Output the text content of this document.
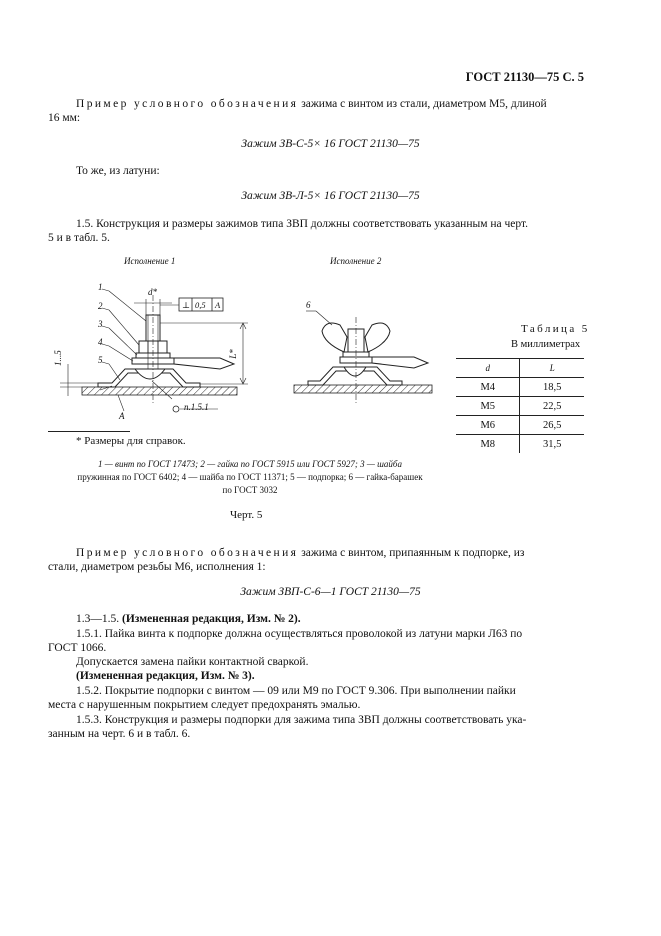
ГОСТ 21130—75 С. 5
Пример условного обозначения зажима с винтом из стали, диаметром М5, длиной
16 мм:
Зажим ЗВ-С-5× 16 ГОСТ 21130—75
То же, из латуни:
Зажим ЗВ-Л-5× 16 ГОСТ 21130—75
1.5. Конструкция и размеры зажимов типа ЗВП должны соответствовать указанным на черт.
5 и в табл. 5.
Исполнение 1	Исполнение 2
1
2
3
4
5
6
d*
L*
1...5
⊥ 0,5 А
А
п.1.5.1
* Размеры для справок.
1 — винт по ГОСТ 17473; 2 — гайка по ГОСТ 5915 или ГОСТ 5927; 3 — шайба
пружинная по ГОСТ 6402; 4 — шайба по ГОСТ 11371; 5 — подпорка; 6 — гайка-барашек
по ГОСТ 3032
Черт. 5
Таблица 5
В миллиметрах
d	L
М4	18,5
М5	22,5
М6	26,5
М8	31,5
Пример условного обозначения зажима с винтом, припаянным к подпорке, из
стали, диаметром резьбы М6, исполнения 1:
Зажим ЗВП-С-6—1 ГОСТ 21130—75
1.3—1.5. (Измененная редакция, Изм. № 2).
1.5.1. Пайка винта к подпорке должна осуществляться проволокой из латуни марки Л63 по
ГОСТ 1066.
Допускается замена пайки контактной сваркой.
(Измененная редакция, Изм. № 3).
1.5.2. Покрытие подпорки с винтом — 09 или М9 по ГОСТ 9.306. При выполнении пайки
места с нарушенным покрытием следует предохранять эмалью.
1.5.3. Конструкция и размеры подпорки для зажима типа ЗВП должны соответствовать ука-
занным на черт. 6 и в табл. 6.
